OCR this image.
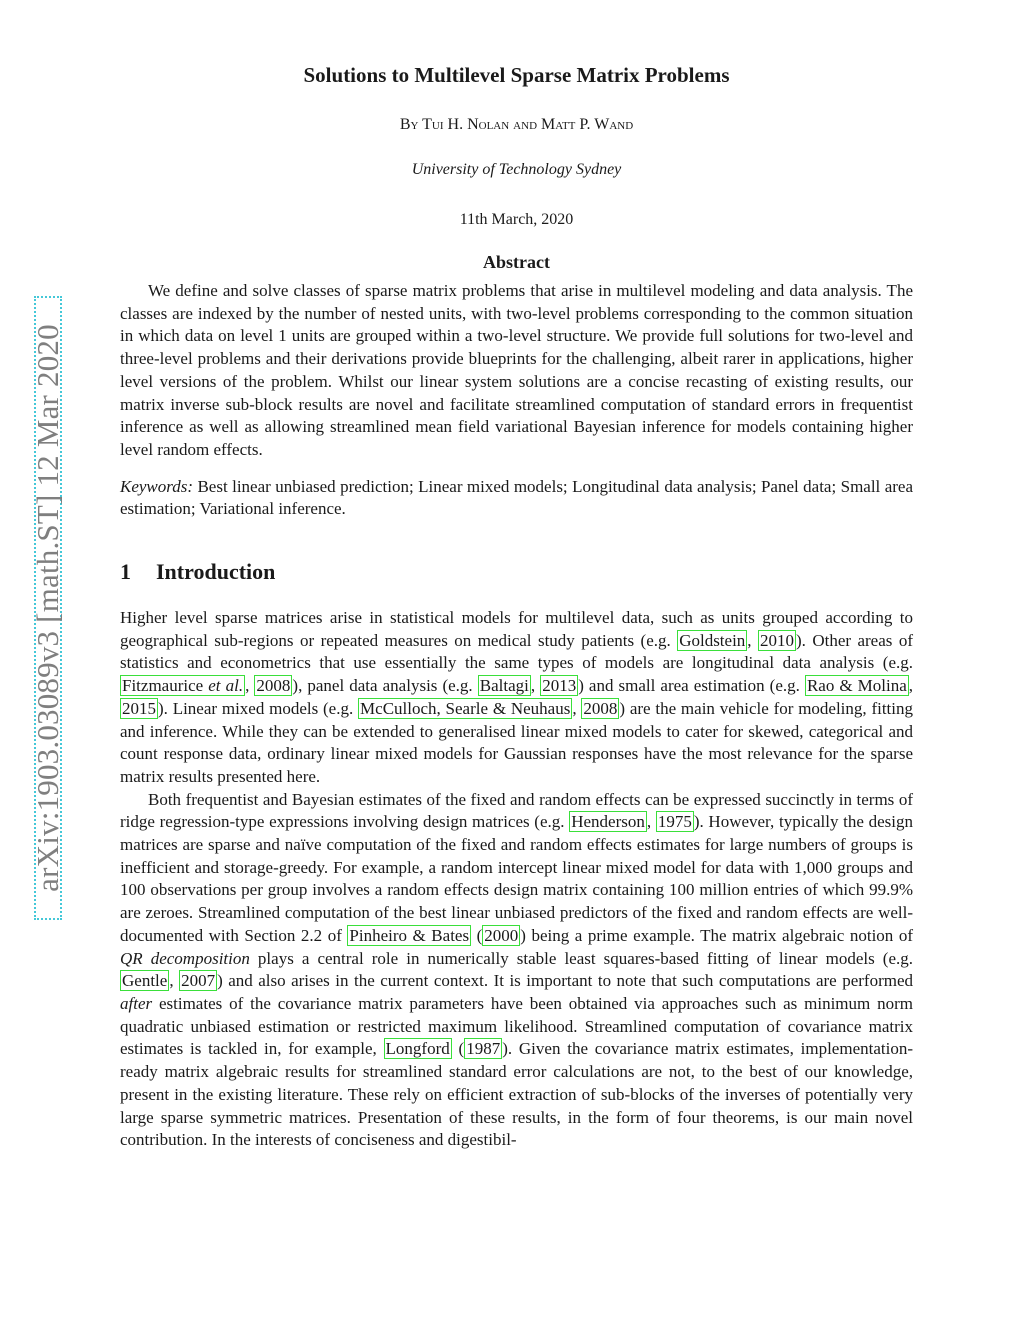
arXiv:1903.03089v3 [math.ST] 12 Mar 2020
Solutions to Multilevel Sparse Matrix Problems
By Tui H. Nolan and Matt P. Wand
University of Technology Sydney
11th March, 2020
Abstract

We define and solve classes of sparse matrix problems that arise in multilevel modeling and data analysis. The classes are indexed by the number of nested units, with two-level problems corresponding to the common situation in which data on level 1 units are grouped within a two-level structure. We provide full solutions for two-level and three-level problems and their derivations provide blueprints for the challenging, albeit rarer in applications, higher level versions of the problem. Whilst our linear system solutions are a concise recasting of existing results, our matrix inverse sub-block results are novel and facilitate streamlined computation of standard errors in frequentist inference as well as allowing streamlined mean field variational Bayesian inference for models containing higher level random effects.

Keywords: Best linear unbiased prediction; Linear mixed models; Longitudinal data analysis; Panel data; Small area estimation; Variational inference.

1 Introduction

Higher level sparse matrices arise in statistical models for multilevel data, such as units grouped according to geographical sub-regions or repeated measures on medical study patients (e.g. Goldstein , 2010 ). Other areas of statistics and econometrics that use essentially the same types of models are longitudinal data analysis (e.g. Fitzmaurice et al. , 2008 ), panel data analysis (e.g. Baltagi , 2013 ) and small area estimation (e.g. Rao & Molina , 2015 ). Linear mixed models (e.g. McCulloch, Searle & Neuhaus , 2008 ) are the main vehicle for modeling, fitting and inference. While they can be extended to generalised linear mixed models to cater for skewed, categorical and count response data, ordinary linear mixed models for Gaussian responses have the most relevance for the sparse matrix results presented here.

Both frequentist and Bayesian estimates of the fixed and random effects can be expressed succinctly in terms of ridge regression-type expressions involving design matrices (e.g. Henderson , 1975 ). However, typically the design matrices are sparse and naïve computation of the fixed and random effects estimates for large numbers of groups is inefficient and storage-greedy. For example, a random intercept linear mixed model for data with 1,000 groups and 100 observations per group involves a random effects design matrix containing 100 million entries of which 99.9% are zeroes. Streamlined computation of the best linear unbiased predictors of the fixed and random effects are well-documented with Section 2.2 of Pinheiro & Bates ( 2000 ) being a prime example. The matrix algebraic notion of QR decomposition plays a central role in numerically stable least squares-based fitting of linear models (e.g. Gentle , 2007 ) and also arises in the current context. It is important to note that such computations are performed after estimates of the covariance matrix parameters have been obtained via approaches such as minimum norm quadratic unbiased estimation or restricted maximum likelihood. Streamlined computation of covariance matrix estimates is tackled in, for example, Longford ( 1987 ). Given the covariance matrix estimates, implementation-ready matrix algebraic results for streamlined standard error calculations are not, to the best of our knowledge, present in the existing literature. These rely on efficient extraction of sub-blocks of the inverses of potentially very large sparse symmetric matrices. Presentation of these results, in the form of four theorems, is our main novel contribution. In the interests of conciseness and digestibil-
